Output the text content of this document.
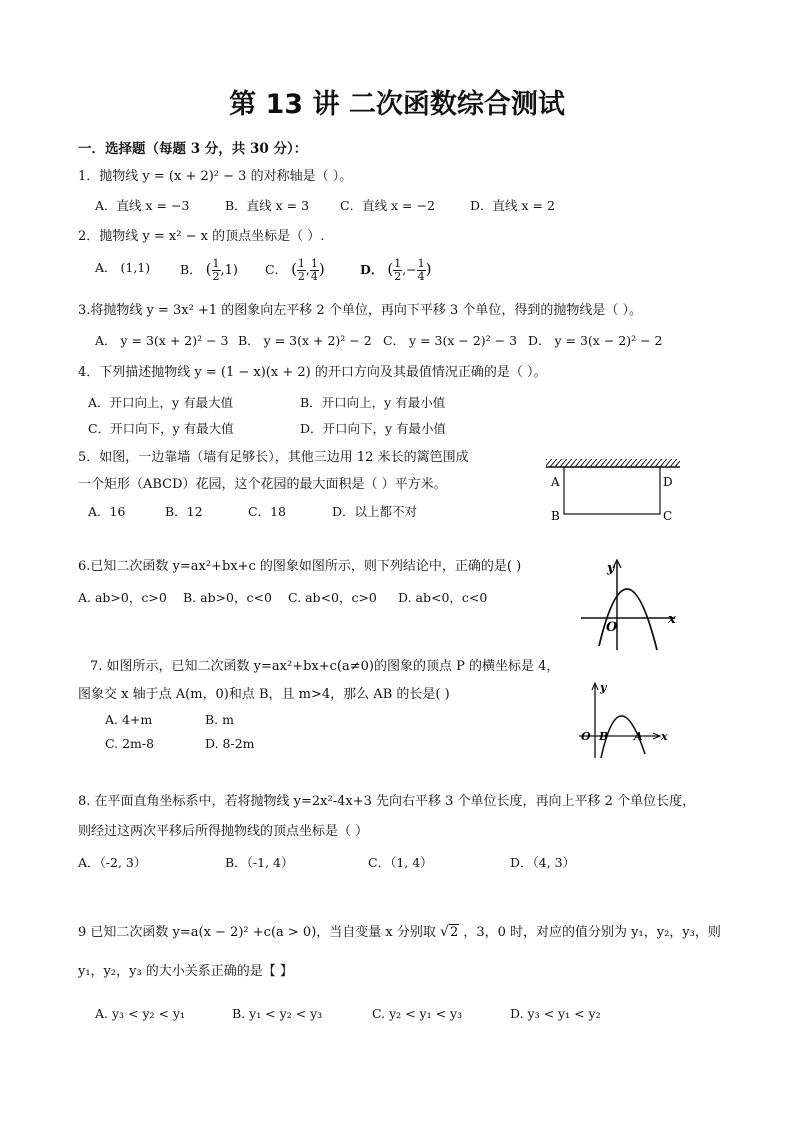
第 13 讲 二次函数综合测试
一．选择题（每题 3 分，共 30 分）：
1．抛物线 y = (x + 2)² − 3 的对称轴是（ ）。
A．直线 x = −3	B．直线 x = 3 C．直线 x = −2	D．直线 x = 2
2．抛物线 y = x² − x 的顶点坐标是（ ）.
A． (1,1) B． ( $\frac{1}{2} ,1$) C． ( $\frac{1}{2}$ , $\frac{1}{4}$ )	D． ( $\frac{1}{2}$ ,− $\frac{1}{4}$ )
3.将抛物线 y = 3x² +1 的图象向左平移 2 个单位，再向下平移 3 个单位，得到的抛物线是（ ）。
A． y = 3(x + 2)² − 3 B． y = 3(x + 2)² − 2 C． y = 3(x − 2)² − 3 D． y = 3(x − 2)² − 2
4．下列描述抛物线 y = (1 − x)(x + 2) 的开口方向及其最值情况正确的是（ ）。
A．开口向上，y 有最大值	B．开口向上，y 有最小值
C．开口向下，y 有最大值	D．开口向下，y 有最小值
5．如图，一边靠墙（墙有足够长），其他三边用 12 米长的篱笆围成
一个矩形（ABCD）花园，这个花园的最大面积是（ ）平方米。
A．16	B．12	C．18	D．以上都不对
A	D
B	C
6.已知二次函数 y=ax²+bx+c 的图象如图所示，则下列结论中，正确的是( )
A. ab>0，c>0 B. ab>0，c<0 C. ab<0，c>0 D. ab<0，c<0
y
x
O
7. 如图所示，已知二次函数 y=ax²+bx+c(a≠0)的图象的顶点 P 的横坐标是 4，
图象交 x 轴于点 A(m，0)和点 B，且 m>4，那么 AB 的长是( )
A. 4+m	B. m
C. 2m-8	D. 8-2m
y
x
O B A
8. 在平面直角坐标系中，若将抛物线 y=2x²-4x+3 先向右平移 3 个单位长度，再向上平移 2 个单位长度，
则经过这两次平移后所得抛物线的顶点坐标是（ ）
A．（-2, 3）	B．（-1, 4）	C．（1, 4）	D．（4, 3）
9 已知二次函数 y=a(x − 2)² +c(a > 0)，当自变量 x 分别取 √2 ，3，0 时，对应的值分别为 y₁，y₂，y₃，则
y₁，y₂，y₃ 的大小关系正确的是【 】
A. y₃ < y₂ < y₁	B. y₁ < y₂ < y₃	C. y₂ < y₁ < y₃	D. y₃ < y₁ < y₂
